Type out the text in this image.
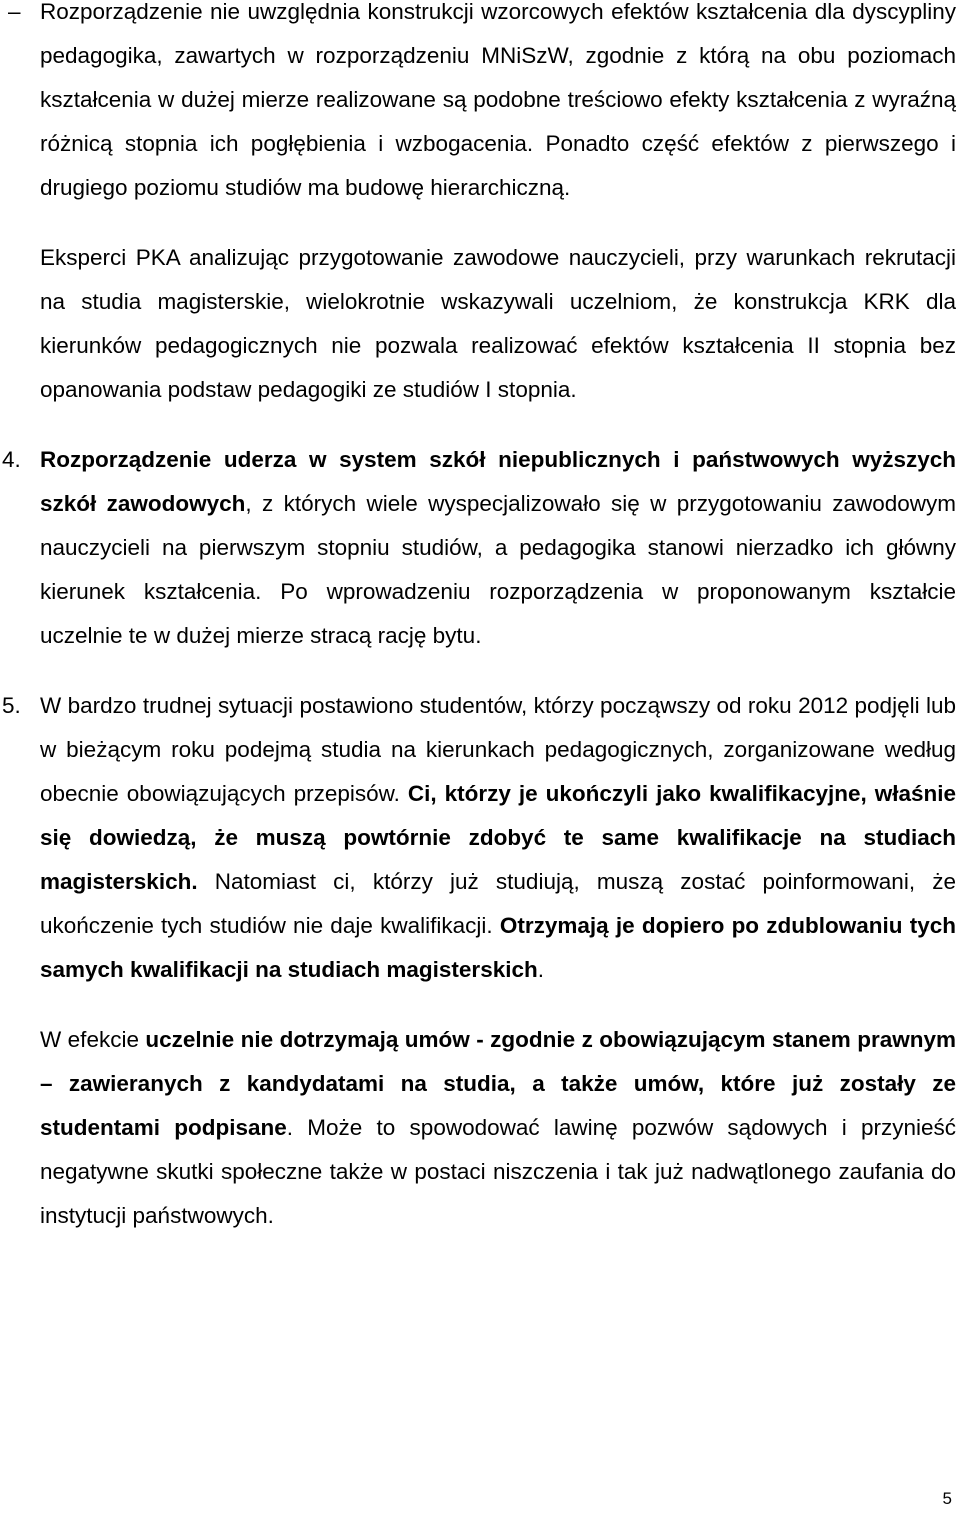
– Rozporządzenie nie uwzględnia konstrukcji wzorcowych efektów kształcenia dla dyscypliny pedagogika, zawartych w rozporządzeniu MNiSzW, zgodnie z którą na obu poziomach kształcenia w dużej mierze realizowane są podobne treściowo efekty kształcenia z wyraźną różnicą stopnia ich pogłębienia i wzbogacenia. Ponadto część efektów z pierwszego i drugiego poziomu studiów ma budowę hierarchiczną.

Eksperci PKA analizując przygotowanie zawodowe nauczycieli, przy warunkach rekrutacji na studia magisterskie, wielokrotnie wskazywali uczelniom, że konstrukcja KRK dla kierunków pedagogicznych nie pozwala realizować efektów kształcenia II stopnia bez opanowania podstaw pedagogiki ze studiów I stopnia.

4. Rozporządzenie uderza w system szkół niepublicznych i państwowych wyższych szkół zawodowych, z których wiele wyspecjalizowało się w przygotowaniu zawodowym nauczycieli na pierwszym stopniu studiów, a pedagogika stanowi nierzadko ich główny kierunek kształcenia. Po wprowadzeniu rozporządzenia w proponowanym kształcie uczelnie te w dużej mierze stracą rację bytu.

5. W bardzo trudnej sytuacji postawiono studentów, którzy począwszy od roku 2012 podjęli lub w bieżącym roku podejmą studia na kierunkach pedagogicznych, zorganizowane według obecnie obowiązujących przepisów. Ci, którzy je ukończyli jako kwalifikacyjne, właśnie się dowiedzą, że muszą powtórnie zdobyć te same kwalifikacje na studiach magisterskich. Natomiast ci, którzy już studiują, muszą zostać poinformowani, że ukończenie tych studiów nie daje kwalifikacji. Otrzymają je dopiero po zdublowaniu tych samych kwalifikacji na studiach magisterskich.

W efekcie uczelnie nie dotrzymają umów - zgodnie z obowiązującym stanem prawnym – zawieranych z kandydatami na studia, a także umów, które już zostały ze studentami podpisane. Może to spowodować lawinę pozwów sądowych i przynieść negatywne skutki społeczne także w postaci niszczenia i tak już nadwątlonego zaufania do instytucji państwowych.

5
